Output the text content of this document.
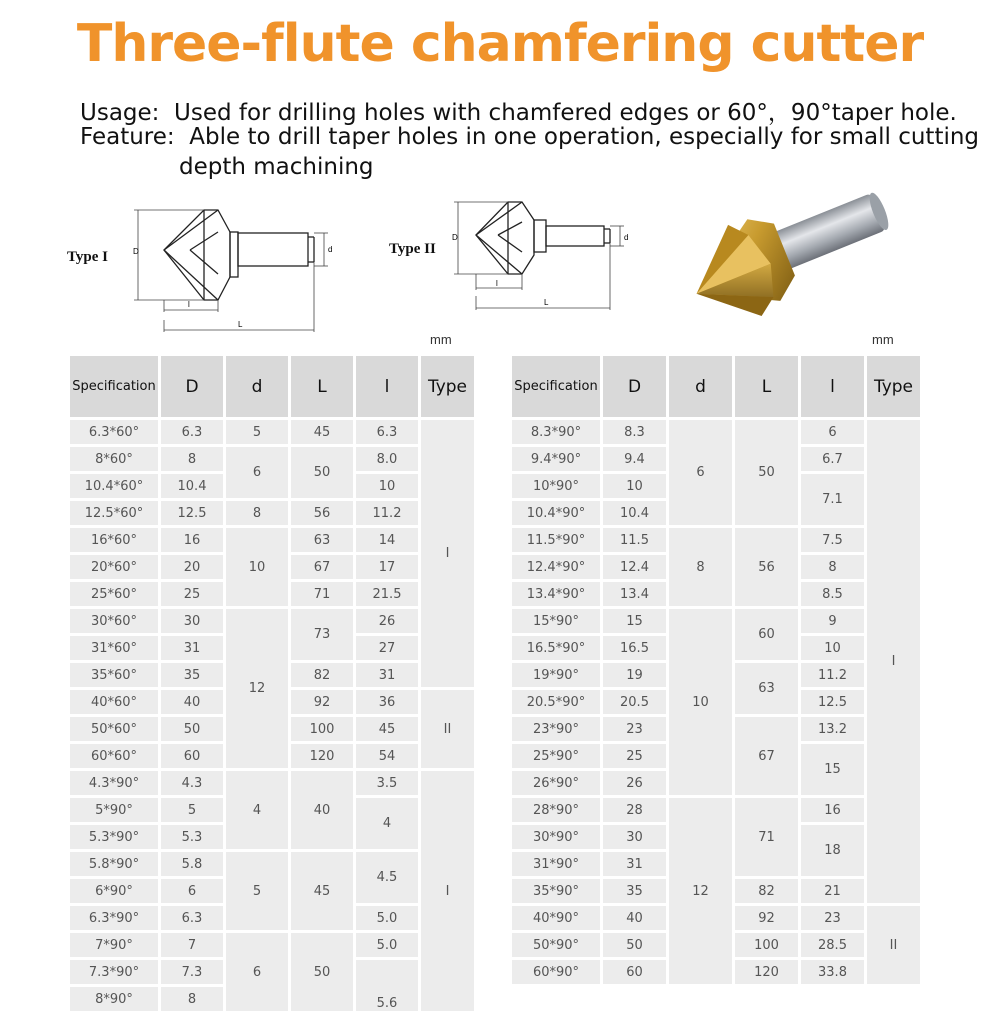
Three-flute chamfering cutter
Usage: Used for drilling holes with chamfered edges or 60°，90°taper hole.
Feature: Able to drill taper holes in one operation, especially for small cutting
depth machining
Type I	D	d
l
L
Type II
D	d
l
L
mm	mm
Specification	D	d	L	l	Type
6.3*60°	6.3	5	45	6.3	I
8*60°	8	6	50	8.0	
10.4*60°	10.4			10	
12.5*60°	12.5	8	56	11.2	
16*60°	16	10	63	14	
20*60°	20		67	17	
25*60°	25		71	21.5	
30*60°	30	12	73	26	
31*60°	31			27	
35*60°	35		82	31	
40*60°	40		92	36	II
50*60°	50		100	45	
60*60°	60		120	54	
4.3*90°	4.3	4	40	3.5	I
5*90°	5			4	
5.3*90°	5.3				
5.8*90°	5.8	5	45	4.5	
6*90°	6				
6.3*90°	6.3			5.0	
7*90°	7	6	50	5.0	
7.3*90°	7.3			5.6	
8*90°	8				
Specification	D	d	L	l	Type
8.3*90°	8.3	6	50	6	I
9.4*90°	9.4			6.7	
10*90°	10			7.1	
10.4*90°	10.4				
11.5*90°	11.5	8	56	7.5	
12.4*90°	12.4			8	
13.4*90°	13.4			8.5	
15*90°	15	10	60	9	
16.5*90°	16.5			10	
19*90°	19		63	11.2	
20.5*90°	20.5			12.5	
23*90°	23		67	13.2	
25*90°	25			15	
26*90°	26				
28*90°	28	12	71	16	
30*90°	30			18	
31*90°	31				
35*90°	35		82	21	
40*90°	40		92	23	II
50*90°	50		100	28.5	
60*90°	60		120	33.8	
